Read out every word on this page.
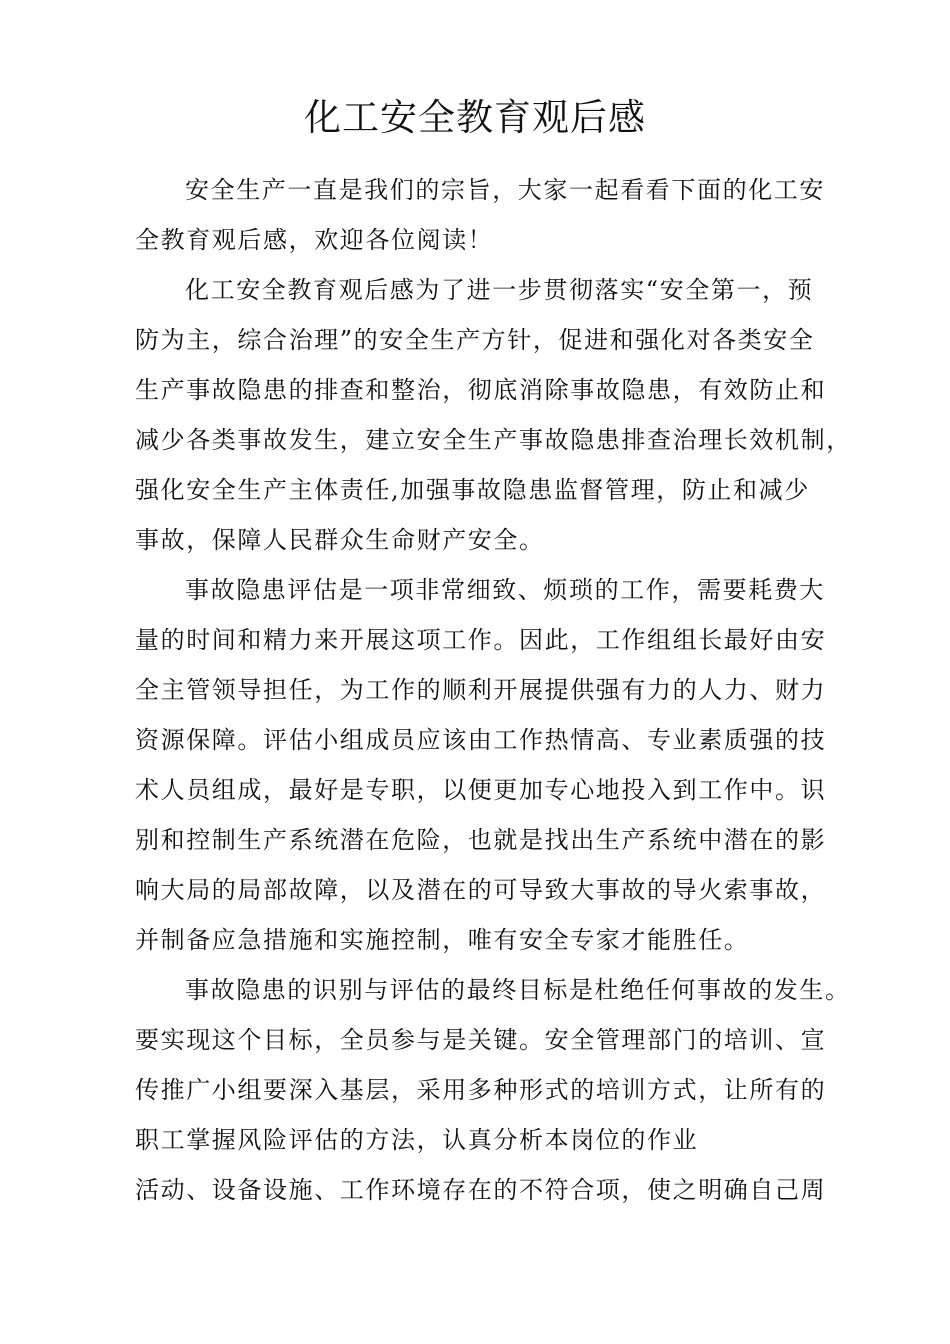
化工安全教育观后感
安全生产一直是我们的宗旨，大家一起看看下面的化工安
全教育观后感，欢迎各位阅读！
化工安全教育观后感为了进一步贯彻落实“安全第一，预
防为主，综合治理”的安全生产方针，促进和强化对各类安全
生产事故隐患的排查和整治，彻底消除事故隐患，有效防止和
减少各类事故发生，建立安全生产事故隐患排查治理长效机制，
强化安全生产主体责任,加强事故隐患监督管理，防止和减少
事故，保障人民群众生命财产安全。
事故隐患评估是一项非常细致、烦琐的工作，需要耗费大
量的时间和精力来开展这项工作。因此，工作组组长最好由安
全主管领导担任，为工作的顺利开展提供强有力的人力、财力
资源保障。评估小组成员应该由工作热情高、专业素质强的技
术人员组成，最好是专职，以便更加专心地投入到工作中。识
别和控制生产系统潜在危险，也就是找出生产系统中潜在的影
响大局的局部故障，以及潜在的可导致大事故的导火索事故，
并制备应急措施和实施控制，唯有安全专家才能胜任。
事故隐患的识别与评估的最终目标是杜绝任何事故的发生。
要实现这个目标，全员参与是关键。安全管理部门的培训、宣
传推广小组要深入基层，采用多种形式的培训方式，让所有的
职工掌握风险评估的方法，认真分析本岗位的作业
活动、设备设施、工作环境存在的不符合项，使之明确自己周
